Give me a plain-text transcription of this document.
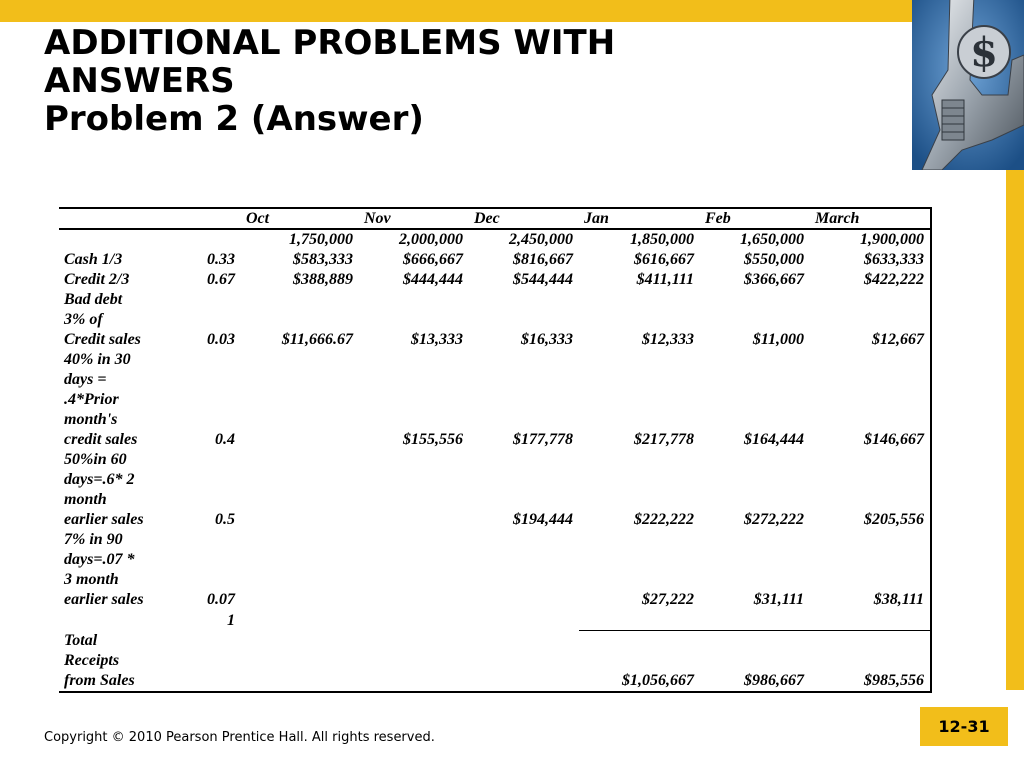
$
ADDITIONAL PROBLEMS WITH
ANSWERS
Problem 2 (Answer)
		Oct	Nov	Dec	Jan	Feb	March
		1,750,000	2,000,000	2,450,000	1,850,000	1,650,000	1,900,000
Cash 1/3	0.33	$583,333	$666,667	$816,667	$616,667	$550,000	$633,333
Credit 2/3	0.67	$388,889	$444,444	$544,444	$411,111	$366,667	$422,222
Bad debt							
3% of							
Credit sales	0.03	$11,666.67	$13,333	$16,333	$12,333	$11,000	$12,667
40% in 30							
days =							
.4*Prior							
month's							
credit sales	0.4		$155,556	$177,778	$217,778	$164,444	$146,667
50%in 60							
days=.6* 2							
month							
earlier sales	0.5			$194,444	$222,222	$272,222	$205,556
7% in 90							
days=.07 *							
3 month							
earlier sales	0.07				$27,222	$31,111	$38,111
	1						
Total							
Receipts							
from Sales					$1,056,667	$986,667	$985,556
Copyright © 2010 Pearson Prentice Hall. All rights reserved.
12-31
